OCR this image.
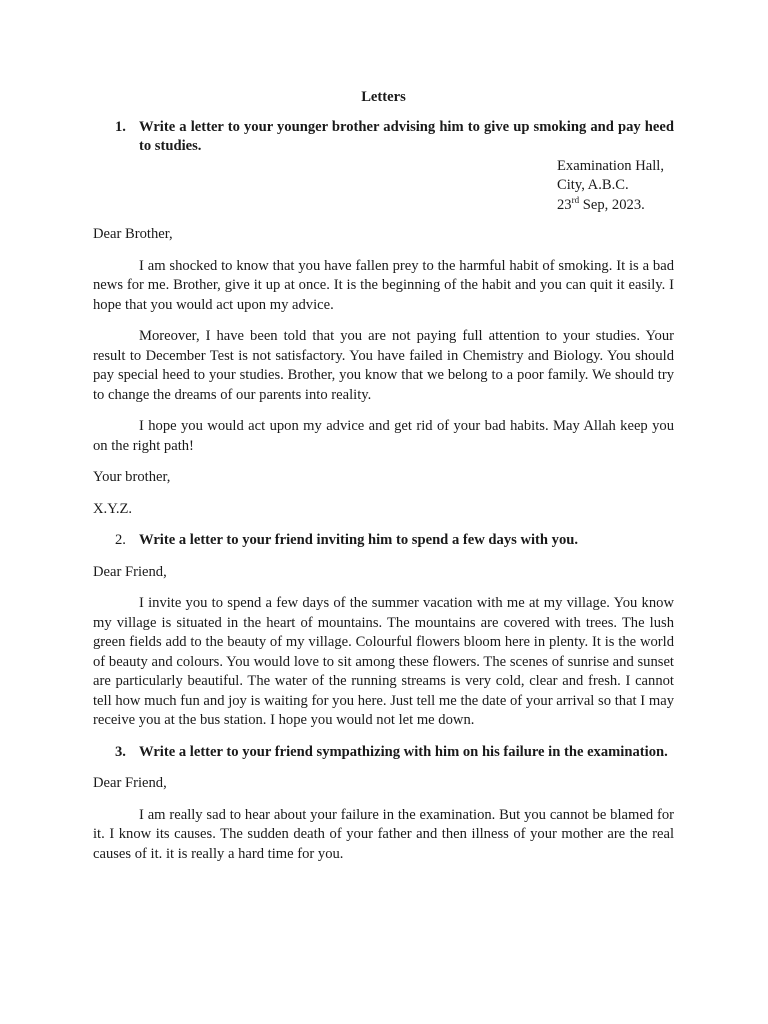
Letters
1. Write a letter to your younger brother advising him to give up smoking and pay heed to studies.
Examination Hall,
City, A.B.C.
23rd Sep, 2023.

Dear Brother,

I am shocked to know that you have fallen prey to the harmful habit of smoking. It is a bad news for me. Brother, give it up at once. It is the beginning of the habit and you can quit it easily. I hope that you would act upon my advice.

Moreover, I have been told that you are not paying full attention to your studies. Your result to December Test is not satisfactory. You have failed in Chemistry and Biology. You should pay special heed to your studies. Brother, you know that we belong to a poor family. We should try to change the dreams of our parents into reality.

I hope you would act upon my advice and get rid of your bad habits. May Allah keep you on the right path!

Your brother,

X.Y.Z.

2. Write a letter to your friend inviting him to spend a few days with you.

Dear Friend,

I invite you to spend a few days of the summer vacation with me at my village. You know my village is situated in the heart of mountains. The mountains are covered with trees. The lush green fields add to the beauty of my village. Colourful flowers bloom here in plenty. It is the world of beauty and colours. You would love to sit among these flowers. The scenes of sunrise and sunset are particularly beautiful. The water of the running streams is very cold, clear and fresh. I cannot tell how much fun and joy is waiting for you here. Just tell me the date of your arrival so that I may receive you at the bus station. I hope you would not let me down.

3. Write a letter to your friend sympathizing with him on his failure in the examination.

Dear Friend,

I am really sad to hear about your failure in the examination. But you cannot be blamed for it. I know its causes. The sudden death of your father and then illness of your mother are the real causes of it. it is really a hard time for you.
